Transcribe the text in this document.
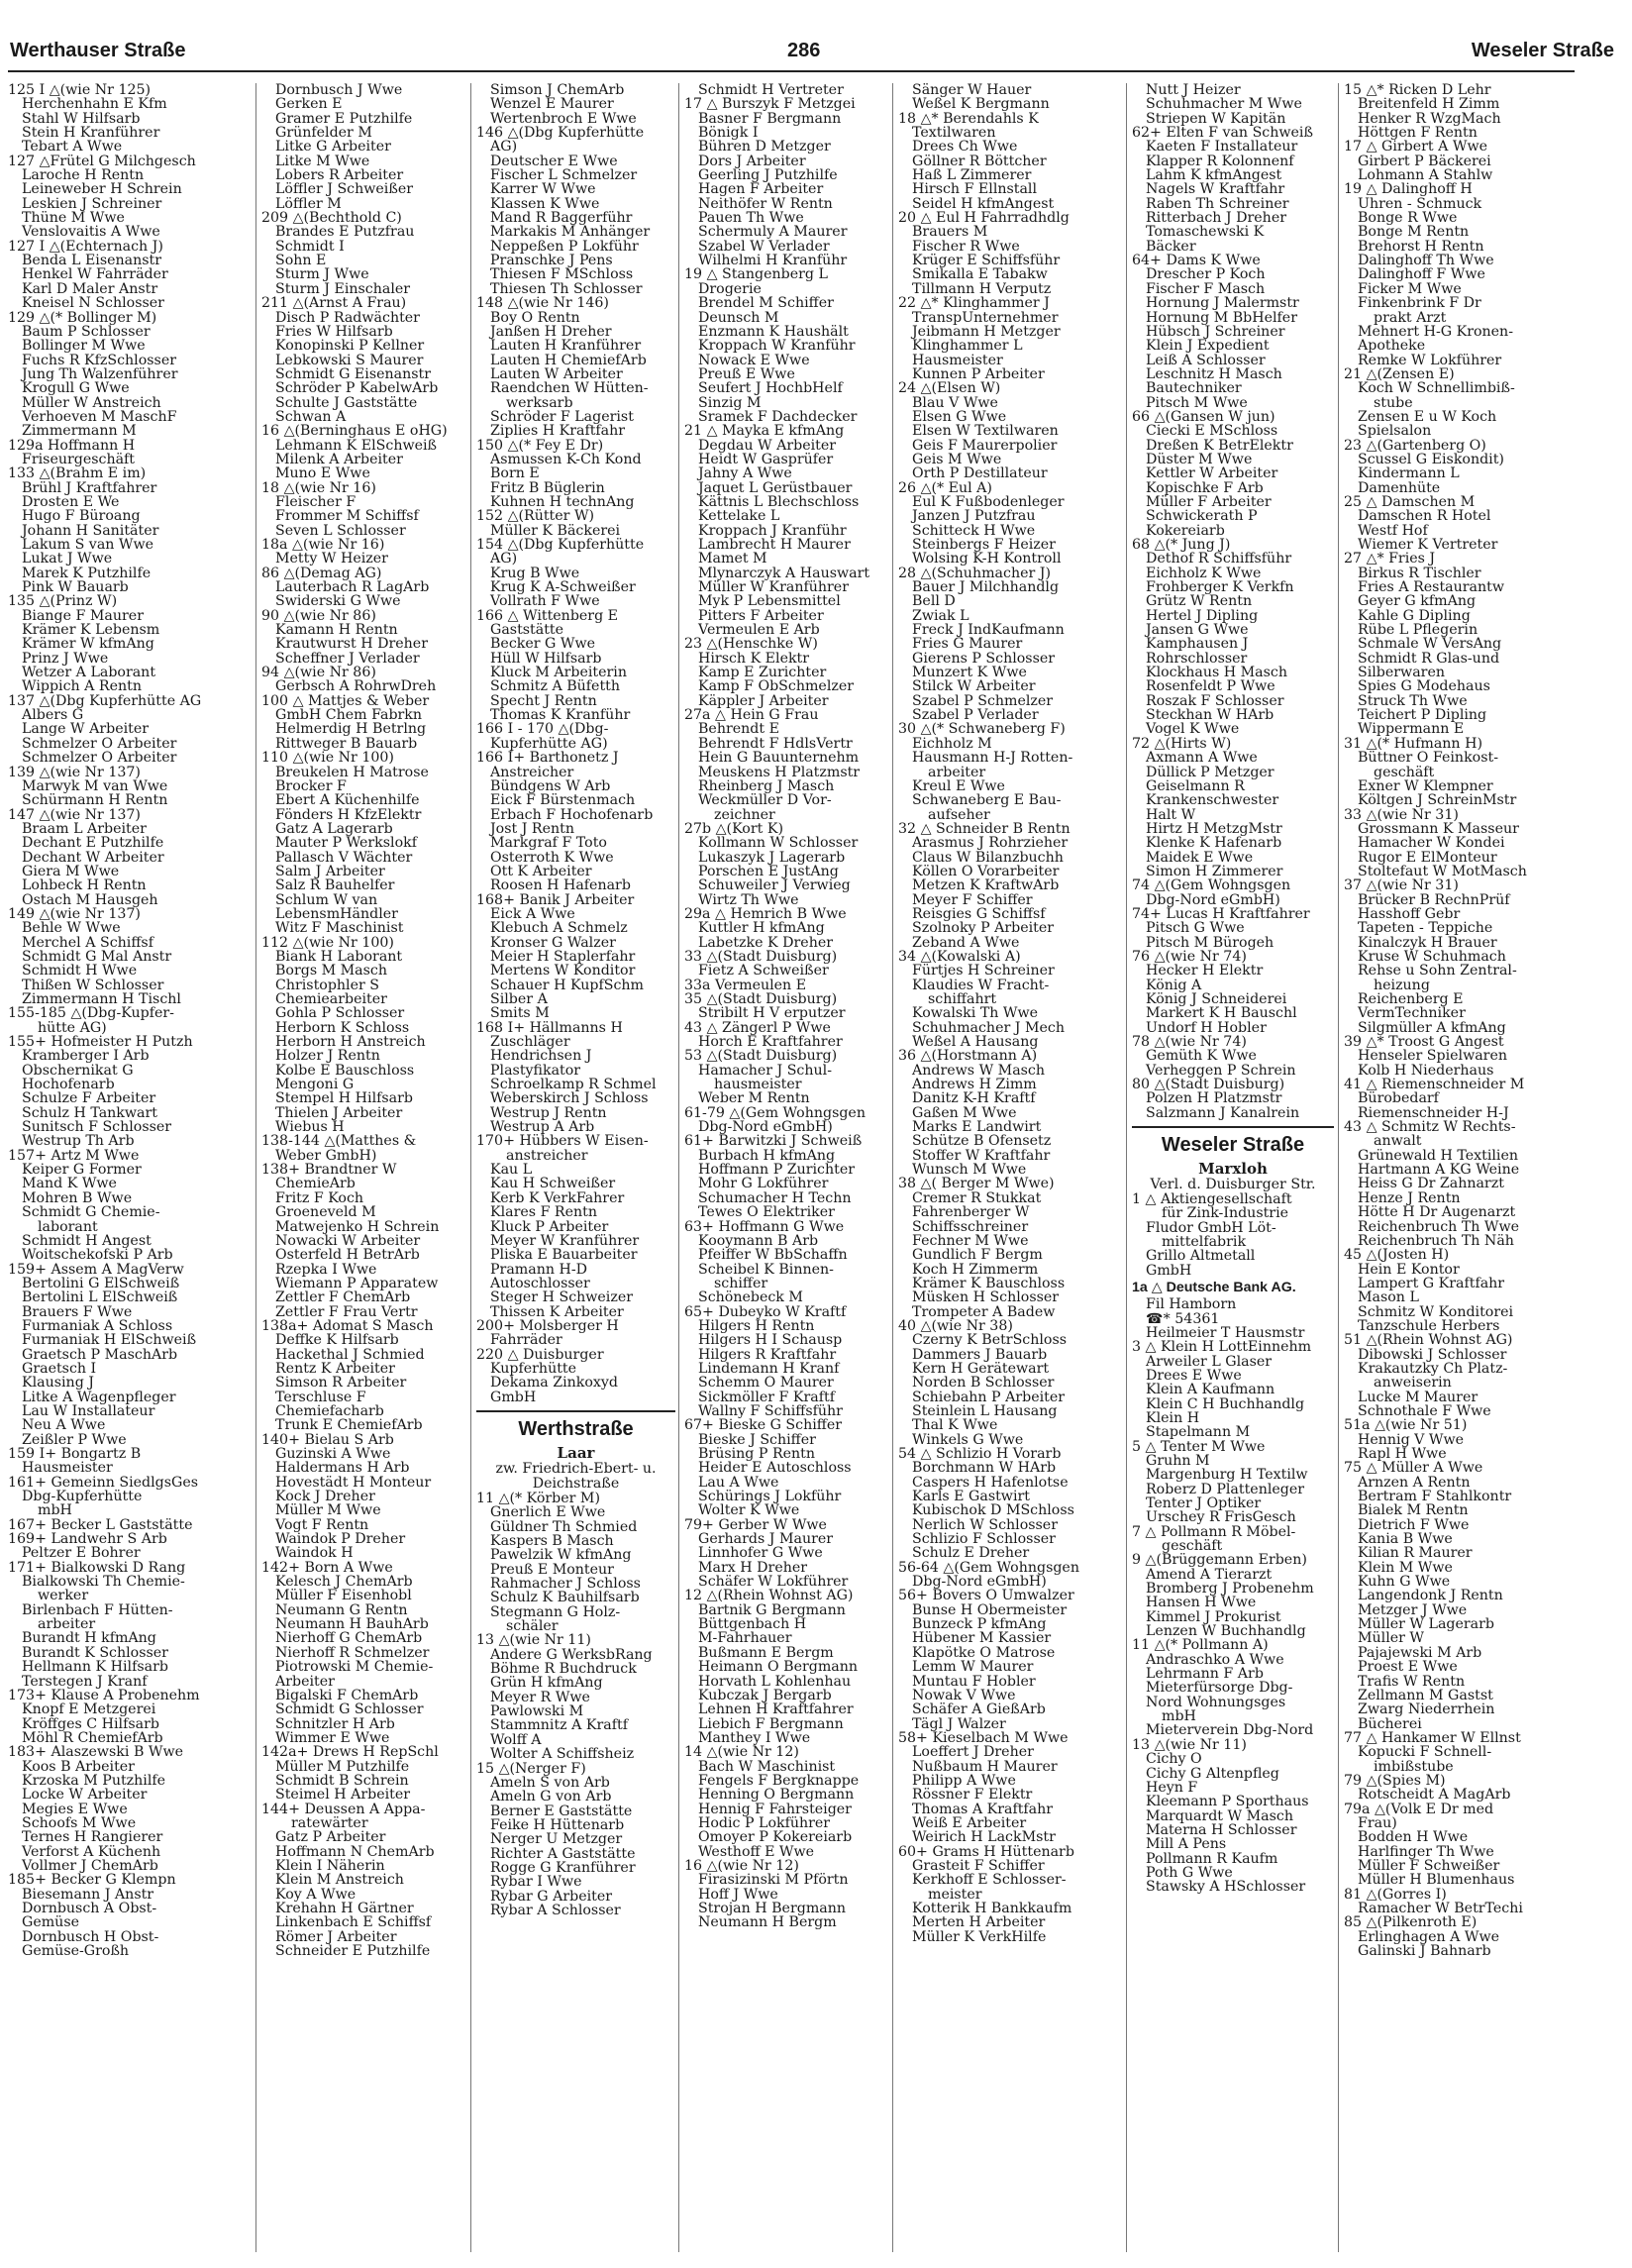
Werthauser Straße	286	Weseler Straße
125 I △(wie Nr 125)
Herchenhahn E Kfm
Stahl W Hilfsarb
Stein H Kranführer
Tebart A Wwe
127 △Frütel G Milchgesch
Laroche H Rentn
Leineweber H Schrein
Leskien J Schreiner
Thüne M Wwe
Venslovaitis A Wwe
127 I △(Echternach J)
Benda L Eisenanstr
Henkel W Fahrräder
Karl D Maler Anstr
Kneisel N Schlosser
129 △(* Bollinger M)
Baum P Schlosser
Bollinger M Wwe
Fuchs R KfzSchlosser
Jung Th Walzenführer
Krogull G Wwe
Müller W Anstreich
Verhoeven M MaschF
Zimmermann M
129a Hoffmann H
Friseurgeschäft
133 △(Brahm E im)
Brühl J Kraftfahrer
Drosten E We
Hugo F Büroang
Johann H Sanitäter
Lakum S van Wwe
Lukat J Wwe
Marek K Putzhilfe
Pink W Bauarb
135 △(Prinz W)
Biange F Maurer
Krämer K Lebensm
Krämer W kfmAng
Prinz J Wwe
Wetzer A Laborant
Wippich A Rentn
137 △(Dbg Kupferhütte AG
Albers G
Lange W Arbeiter
Schmelzer O Arbeiter
Schmelzer O Arbeiter
139 △(wie Nr 137)
Marwyk M van Wwe
Schürmann H Rentn
147 △(wie Nr 137)
Braam L Arbeiter
Dechant E Putzhilfe
Dechant W Arbeiter
Giera M Wwe
Lohbeck H Rentn
Ostach M Hausgeh
149 △(wie Nr 137)
Behle W Wwe
Merchel A Schiffsf
Schmidt G Mal Anstr
Schmidt H Wwe
Thißen W Schlosser
Zimmermann H Tischl
155-185 △(Dbg-Kupfer-
hütte AG)
155+ Hofmeister H Putzh
Kramberger I Arb
Obschernikat G
Hochofenarb
Schulze F Arbeiter
Schulz H Tankwart
Sunitsch F Schlosser
Westrup Th Arb
157+ Artz M Wwe
Keiper G Former
Mand K Wwe
Mohren B Wwe
Schmidt G Chemie-
laborant
Schmidt H Angest
Woitschekofski P Arb
159+ Assem A MagVerw
Bertolini G ElSchweiß
Bertolini L ElSchweiß
Brauers F Wwe
Furmaniak A Schloss
Furmaniak H ElSchweiß
Graetsch P MaschArb
Graetsch I
Klausing J
Litke A Wagenpfleger
Lau W Installateur
Neu A Wwe
Zeißler P Wwe
159 I+ Bongartz B
Hausmeister
161+ Gemeinn SiedlgsGes
Dbg-Kupferhütte
mbH
167+ Becker L Gaststätte
169+ Landwehr S Arb
Peltzer E Bohrer
171+ Bialkowski D Rang
Bialkowski Th Chemie-
werker
Birlenbach F Hütten-
arbeiter
Burandt H kfmAng
Burandt K Schlosser
Hellmann K Hilfsarb
Terstegen J Kranf
173+ Klause A Probenehm
Knopf E Metzgerei
Kröffges C Hilfsarb
Möhl R ChemiefArb
183+ Alaszewski B Wwe
Koos B Arbeiter
Krzoska M Putzhilfe
Locke W Arbeiter
Megies E Wwe
Schoofs M Wwe
Ternes H Rangierer
Verforst A Küchenh
Vollmer J ChemArb
185+ Becker G Klempn
Biesemann J Anstr
Dornbusch A Obst-
Gemüse
Dornbusch H Obst-
Gemüse-Großh
Dornbusch J Wwe
Gerken E
Gramer E Putzhilfe
Grünfelder M
Litke G Arbeiter
Litke M Wwe
Lobers R Arbeiter
Löffler J Schweißer
Löffler M
209 △(Bechthold C)
Brandes E Putzfrau
Schmidt I
Sohn E
Sturm J Wwe
Sturm J Einschaler
211 △(Arnst A Frau)
Disch P Radwächter
Fries W Hilfsarb
Konopinski P Kellner
Lebkowski S Maurer
Schmidt G Eisenanstr
Schröder P KabelwArb
Schulte J Gaststätte
Schwan A
16 △(Berninghaus E oHG)
Lehmann K ElSchweiß
Milenk A Arbeiter
Muno E Wwe
18 △(wie Nr 16)
Fleischer F
Frommer M Schiffsf
Seven L Schlosser
18a △(wie Nr 16)
Metty W Heizer
86 △(Demag AG)
Lauterbach R LagArb
Swiderski G Wwe
90 △(wie Nr 86)
Kamann H Rentn
Krautwurst H Dreher
Scheffner J Verlader
94 △(wie Nr 86)
Gerbsch A RohrwDreh
100 △ Mattjes & Weber
GmbH Chem Fabrkn
Helmerdig H Betrlng
Rittweger B Bauarb
110 △(wie Nr 100)
Breukelen H Matrose
Brocker F
Ebert A Küchenhilfe
Fönders H KfzElektr
Gatz A Lagerarb
Mauter P Werkslokf
Pallasch V Wächter
Salm J Arbeiter
Salz R Bauhelfer
Schlum W van
LebensmHändler
Witz F Maschinist
112 △(wie Nr 100)
Biank H Laborant
Borgs M Masch
Christophler S
Chemiearbeiter
Gohla P Schlosser
Herborn K Schloss
Herborn H Anstreich
Holzer J Rentn
Kolbe E Bauschloss
Mengoni G
Stempel H Hilfsarb
Thielen J Arbeiter
Wiebus H
138-144 △(Matthes &
Weber GmbH)
138+ Brandtner W
ChemieArb
Fritz F Koch
Groeneveld M
Matwejenko H Schrein
Nowacki W Arbeiter
Osterfeld H BetrArb
Rzepka I Wwe
Wiemann P Apparatew
Zettler F ChemArb
Zettler F Frau Vertr
138a+ Adomat S Masch
Deffke K Hilfsarb
Hackethal J Schmied
Rentz K Arbeiter
Simson R Arbeiter
Terschluse F
Chemiefacharb
Trunk E ChemiefArb
140+ Bielau S Arb
Guzinski A Wwe
Haldermans H Arb
Hovestädt H Monteur
Kock J Dreher
Müller M Wwe
Vogt F Rentn
Waindok P Dreher
Waindok H
142+ Born A Wwe
Kelesch J ChemArb
Müller F Eisenhobl
Neumann G Rentn
Neumann H BauhArb
Nierhoff G ChemArb
Nierhoff R Schmelzer
Piotrowski M Chemie-
Arbeiter
Bigalski F ChemArb
Schmidt G Schlosser
Schnitzler H Arb
Wimmer E Wwe
142a+ Drews H RepSchl
Müller M Putzhilfe
Schmidt B Schrein
Steimel H Arbeiter
144+ Deussen A Appa-
ratewärter
Gatz P Arbeiter
Hoffmann N ChemArb
Klein I Näherin
Klein M Anstreich
Koy A Wwe
Krehahn H Gärtner
Linkenbach E Schiffsf
Römer J Arbeiter
Schneider E Putzhilfe
Simson J ChemArb
Wenzel E Maurer
Wertenbroch E Wwe
146 △(Dbg Kupferhütte
AG)
Deutscher E Wwe
Fischer L Schmelzer
Karrer W Wwe
Klassen K Wwe
Mand R Baggerführ
Markakis M Anhänger
Neppeßen P Lokführ
Pranschke J Pens
Thiesen F MSchloss
Thiesen Th Schlosser
148 △(wie Nr 146)
Boy O Rentn
Janßen H Dreher
Lauten H Kranführer
Lauten H ChemiefArb
Lauten W Arbeiter
Raendchen W Hütten-
werksarb
Schröder F Lagerist
Ziplies H Kraftfahr
150 △(* Fey E Dr)
Asmussen K-Ch Kond
Born E
Fritz B Büglerin
Kuhnen H technAng
152 △(Rütter W)
Müller K Bäckerei
154 △(Dbg Kupferhütte
AG)
Krug B Wwe
Krug K A-Schweißer
Vollrath F Wwe
166 △ Wittenberg E
Gaststätte
Becker G Wwe
Hüll W Hilfsarb
Kluck M Arbeiterin
Schmitz A Büfetth
Specht J Rentn
Thomas K Kranführ
166 I - 170 △(Dbg-
Kupferhütte AG)
166 I+ Barthonetz J
Anstreicher
Bündgens W Arb
Eick F Bürstenmach
Erbach F Hochofenarb
Jost J Rentn
Markgraf F Toto
Osterroth K Wwe
Ott K Arbeiter
Roosen H Hafenarb
168+ Banik J Arbeiter
Eick A Wwe
Klebuch A Schmelz
Kronser G Walzer
Meier H Staplerfahr
Mertens W Konditor
Schauer H KupfSchm
Silber A
Smits M
168 I+ Hällmanns H
Zuschläger
Hendrichsen J
Plastyfikator
Schroelkamp R Schmel
Weberskirch J Schloss
Westrup J Rentn
Westrup A Arb
170+ Hübbers W Eisen-
anstreicher
Kau L
Kau H Schweißer
Kerb K VerkFahrer
Klares F Rentn
Kluck P Arbeiter
Meyer W Kranführer
Pliska E Bauarbeiter
Pramann H-D
Autoschlosser
Steger H Schweizer
Thissen K Arbeiter
200+ Molsberger H
Fahrräder
220 △ Duisburger
Kupferhütte
Dekama Zinkoxyd
GmbH
Werthstraße
Laar
zw. Friedrich-Ebert- u.
Deichstraße
11 △(* Körber M)
Gnerlich E Wwe
Güldner Th Schmied
Kaspers B Masch
Pawelzik W kfmAng
Preuß E Monteur
Rahmacher J Schloss
Schulz K Bauhilfsarb
Stegmann G Holz-
schäler
13 △(wie Nr 11)
Andere G WerksbRang
Böhme R Buchdruck
Grün H kfmAng
Meyer R Wwe
Pawlowski M
Stammnitz A Kraftf
Wolff A
Wolter A Schiffsheiz
15 △(Nerger F)
Ameln S von Arb
Ameln G von Arb
Berner E Gaststätte
Feike H Hüttenarb
Nerger U Metzger
Richter A Gaststätte
Rogge G Kranführer
Rybar I Wwe
Rybar G Arbeiter
Rybar A Schlosser
Schmidt H Vertreter
17 △ Burszyk F Metzgei
Basner F Bergmann
Bönigk I
Bühren D Metzger
Dors J Arbeiter
Geerling J Putzhilfe
Hagen F Arbeiter
Neithöfer W Rentn
Pauen Th Wwe
Schermuly A Maurer
Szabel W Verlader
Wilhelmi H Kranführ
19 △ Stangenberg L
Drogerie
Brendel M Schiffer
Deunsch M
Enzmann K Haushält
Kroppach W Kranführ
Nowack E Wwe
Preuß E Wwe
Seufert J HochbHelf
Sinzig M
Sramek F Dachdecker
21 △ Mayka E kfmAng
Degdau W Arbeiter
Heidt W Gasprüfer
Jahny A Wwe
Jaquet L Gerüstbauer
Kättnis L Blechschloss
Kettelake L
Kroppach J Kranführ
Lambrecht H Maurer
Mamet M
Mlynarczyk A Hauswart
Müller W Kranführer
Myk P Lebensmittel
Pitters F Arbeiter
Vermeulen E Arb
23 △(Henschke W)
Hirsch K Elektr
Kamp E Zurichter
Kamp F ObSchmelzer
Käppler J Arbeiter
27a △ Hein G Frau
Behrendt E
Behrendt F HdlsVertr
Hein G Bauunternehm
Meuskens H Platzmstr
Rheinberg J Masch
Weckmüller D Vor-
zeichner
27b △(Kort K)
Kollmann W Schlosser
Lukaszyk J Lagerarb
Porschen E JustAng
Schuweiler J Verwieg
Wirtz Th Wwe
29a △ Hemrich B Wwe
Kuttler H kfmAng
Labetzke K Dreher
33 △(Stadt Duisburg)
Fietz A Schweißer
33a Vermeulen E
35 △(Stadt Duisburg)
Stribilt H V erputzer
43 △ Zängerl P Wwe
Horch E Kraftfahrer
53 △(Stadt Duisburg)
Hamacher J Schul-
hausmeister
Weber M Rentn
61-79 △(Gem Wohngsgen
Dbg-Nord eGmbH)
61+ Barwitzki J Schweiß
Burbach H kfmAng
Hoffmann P Zurichter
Mohr G Lokführer
Schumacher H Techn
Tewes O Elektriker
63+ Hoffmann G Wwe
Kooymann B Arb
Pfeiffer W BbSchaffn
Scheibel K Binnen-
schiffer
Schönebeck M
65+ Dubeyko W Kraftf
Hilgers H Rentn
Hilgers H I Schausp
Hilgers R Kraftfahr
Lindemann H Kranf
Schemm O Maurer
Sickmöller F Kraftf
Wallny F Schiffsführ
67+ Bieske G Schiffer
Bieske J Schiffer
Brüsing P Rentn
Heider E Autoschloss
Lau A Wwe
Schürings J Lokführ
Wolter K Wwe
79+ Gerber W Wwe
Gerhards J Maurer
Linnhofer G Wwe
Marx H Dreher
Schäfer W Lokführer
12 △(Rhein Wohnst AG)
Bartnik G Bergmann
Büttgenbach H
M-Fahrhauer
Bußmann E Bergm
Heimann O Bergmann
Horvath L Kohlenhau
Kubczak J Bergarb
Lehnen H Kraftfahrer
Liebich F Bergmann
Manthey I Wwe
14 △(wie Nr 12)
Bach W Maschinist
Fengels F Bergknappe
Henning O Bergmann
Hennig F Fahrsteiger
Hodic P Lokführer
Omoyer P Kokereiarb
Westhoff E Wwe
16 △(wie Nr 12)
Firasizinski M Pförtn
Hoff J Wwe
Strojan H Bergmann
Neumann H Bergm
Sänger W Hauer
Weßel K Bergmann
18 △* Berendahls K
Textilwaren
Drees Ch Wwe
Göllner R Böttcher
Haß L Zimmerer
Hirsch F Ellnstall
Seidel H kfmAngest
20 △ Eul H Fahrradhdlg
Brauers M
Fischer R Wwe
Krüger E Schiffsführ
Smikalla E Tabakw
Tillmann H Verputz
22 △* Klinghammer J
TranspUnternehmer
Jeibmann H Metzger
Klinghammer L
Hausmeister
Kunnen P Arbeiter
24 △(Elsen W)
Blau V Wwe
Elsen G Wwe
Elsen W Textilwaren
Geis F Maurerpolier
Geis M Wwe
Orth P Destillateur
26 △(* Eul A)
Eul K Fußbodenleger
Janzen J Putzfrau
Schitteck H Wwe
Steinbergs F Heizer
Wolsing K-H Kontroll
28 △(Schuhmacher J)
Bauer J Milchhandlg
Bell D
Zwiak L
Freck J IndKaufmann
Fries G Maurer
Gierens P Schlosser
Munzert K Wwe
Stilck W Arbeiter
Szabel P Schmelzer
Szabel P Verlader
30 △(* Schwaneberg F)
Eichholz M
Hausmann H-J Rotten-
arbeiter
Kreul E Wwe
Schwaneberg E Bau-
aufseher
32 △ Schneider B Rentn
Arasmus J Rohrzieher
Claus W Bilanzbuchh
Köllen O Vorarbeiter
Metzen K KraftwArb
Meyer F Schiffer
Reisgies G Schiffsf
Szolnoky P Arbeiter
Zeband A Wwe
34 △(Kowalski A)
Fürtjes H Schreiner
Klaudies W Fracht-
schiffahrt
Kowalski Th Wwe
Schuhmacher J Mech
Weßel A Hausang
36 △(Horstmann A)
Andrews W Masch
Andrews H Zimm
Danitz K-H Kraftf
Gaßen M Wwe
Marks E Landwirt
Schütze B Ofensetz
Stoffer W Kraftfahr
Wunsch M Wwe
38 △( Berger M Wwe)
Cremer R Stukkat
Fahrenberger W
Schiffsschreiner
Fechner M Wwe
Gundlich F Bergm
Koch H Zimmerm
Krämer K Bauschloss
Müsken H Schlosser
Trompeter A Badew
40 △(wie Nr 38)
Czerny K BetrSchloss
Dammers J Bauarb
Kern H Gerätewart
Norden B Schlosser
Schiebahn P Arbeiter
Steinlein L Hausang
Thal K Wwe
Winkels G Wwe
54 △ Schlizio H Vorarb
Borchmann W HArb
Caspers H Hafenlotse
Karls E Gastwirt
Kubischok D MSchloss
Nerlich W Schlosser
Schlizio F Schlosser
Schulz E Dreher
56-64 △(Gem Wohngsgen
Dbg-Nord eGmbH)
56+ Bovers O Umwalzer
Bunse H Obermeister
Bunzeck P kfmAng
Hübener M Kassier
Klapötke O Matrose
Lemm W Maurer
Muntau F Hobler
Nowak V Wwe
Schäfer A GießArb
Tägl J Walzer
58+ Kieselbach M Wwe
Loeffert J Dreher
Nußbaum H Maurer
Philipp A Wwe
Rössner F Elektr
Thomas A Kraftfahr
Weiß E Arbeiter
Weirich H LackMstr
60+ Grams H Hüttenarb
Grasteit F Schiffer
Kerkhoff E Schlosser-
meister
Kotterik H Bankkaufm
Merten H Arbeiter
Müller K VerkHilfe
Nutt J Heizer
Schuhmacher M Wwe
Striepen W Kapitän
62+ Elten F van Schweiß
Kaeten F Installateur
Klapper R Kolonnenf
Lahm K kfmAngest
Nagels W Kraftfahr
Raben Th Schreiner
Ritterbach J Dreher
Tomaschewski K
Bäcker
64+ Dams K Wwe
Drescher P Koch
Fischer F Masch
Hornung J Malermstr
Hornung M BbHelfer
Hübsch J Schreiner
Klein J Expedient
Leiß A Schlosser
Leschnitz H Masch
Bautechniker
Pitsch M Wwe
66 △(Gansen W jun)
Ciecki E MSchloss
Dreßen K BetrElektr
Düster M Wwe
Kettler W Arbeiter
Kopischke F Arb
Müller F Arbeiter
Schwickerath P
Kokereiarb
68 △(* Jung J)
Dethof R Schiffsführ
Eichholz K Wwe
Frohberger K Verkfn
Grütz W Rentn
Hertel J Dipling
Jansen G Wwe
Kamphausen J
Rohrschlosser
Klockhaus H Masch
Rosenfeldt P Wwe
Roszak F Schlosser
Steckhan W HArb
Vogel K Wwe
72 △(Hirts W)
Axmann A Wwe
Düllick P Metzger
Geiselmann R
Krankenschwester
Halt W
Hirtz H MetzgMstr
Klenke K Hafenarb
Maidek E Wwe
Simon H Zimmerer
74 △(Gem Wohngsgen
Dbg-Nord eGmbH)
74+ Lucas H Kraftfahrer
Pitsch G Wwe
Pitsch M Bürogeh
76 △(wie Nr 74)
Hecker H Elektr
König A
König J Schneiderei
Markert K H Bauschl
Undorf H Hobler
78 △(wie Nr 74)
Gemüth K Wwe
Verheggen P Schrein
80 △(Stadt Duisburg)
Polzen H Platzmstr
Salzmann J Kanalrein
Weseler Straße
Marxloh
Verl. d. Duisburger Str.
1 △ Aktiengesellschaft
für Zink-Industrie
Fludor GmbH Löt-
mittelfabrik
Grillo Altmetall
GmbH
1a △ Deutsche Bank AG.
Fil Hamborn
☎* 54361
Heilmeier T Hausmstr
3 △ Klein H LottEinnehm
Arweiler L Glaser
Drees E Wwe
Klein A Kaufmann
Klein C H Buchhandlg
Klein H
Stapelmann M
5 △ Tenter M Wwe
Gruhn M
Margenburg H Textilw
Roberz D Plattenleger
Tenter J Optiker
Urschey R FrisGesch
7 △ Pollmann R Möbel-
geschäft
9 △(Brüggemann Erben)
Amend A Tierarzt
Bromberg J Probenehm
Hansen H Wwe
Kimmel J Prokurist
Lenzen W Buchhandlg
11 △(* Pollmann A)
Andraschko A Wwe
Lehrmann F Arb
Mieterfürsorge Dbg-
Nord Wohnungsges
mbH
Mieterverein Dbg-Nord
13 △(wie Nr 11)
Cichy O
Cichy G Altenpfleg
Heyn F
Kleemann P Sporthaus
Marquardt W Masch
Materna H Schlosser
Mill A Pens
Pollmann R Kaufm
Poth G Wwe
Stawsky A HSchlosser
15 △* Ricken D Lehr
Breitenfeld H Zimm
Henker R WzgMach
Höttgen F Rentn
17 △ Girbert A Wwe
Girbert P Bäckerei
Lohmann A Stahlw
19 △ Dalinghoff H
Uhren - Schmuck
Bonge R Wwe
Bonge M Rentn
Brehorst H Rentn
Dalinghoff Th Wwe
Dalinghoff F Wwe
Ficker M Wwe
Finkenbrink F Dr
prakt Arzt
Mehnert H-G Kronen-
Apotheke
Remke W Lokführer
21 △(Zensen E)
Koch W Schnellimbiß-
stube
Zensen E u W Koch
Spielsalon
23 △(Gartenberg O)
Scussel G Eiskondit)
Kindermann L
Damenhüte
25 △ Damschen M
Damschen R Hotel
Westf Hof
Wiemer K Vertreter
27 △* Fries J
Birkus R Tischler
Fries A Restaurantw
Geyer G kfmAng
Kahle G Dipling
Rübe L Pflegerin
Schmale W VersAng
Schmidt R Glas-und
Silberwaren
Spies G Modehaus
Struck Th Wwe
Teichert P Dipling
Wippermann E
31 △(* Hufmann H)
Büttner O Feinkost-
geschäft
Exner W Klempner
Költgen J SchreinMstr
33 △(wie Nr 31)
Grossmann K Masseur
Hamacher W Kondei
Rugor E ElMonteur
Stoltefaut W MotMasch
37 △(wie Nr 31)
Brücker B RechnPrüf
Hasshoff Gebr
Tapeten - Teppiche
Kinalczyk H Brauer
Kruse W Schuhmach
Rehse u Sohn Zentral-
heizung
Reichenberg E
VermTechniker
Silgmüller A kfmAng
39 △* Troost G Angest
Henseler Spielwaren
Kolb H Niederhaus
41 △ Riemenschneider M
Bürobedarf
Riemenschneider H-J
43 △ Schmitz W Rechts-
anwalt
Grünewald H Textilien
Hartmann A KG Weine
Heiss G Dr Zahnarzt
Henze J Rentn
Hötte H Dr Augenarzt
Reichenbruch Th Wwe
Reichenbruch Th Näh
45 △(Josten H)
Hein E Kontor
Lampert G Kraftfahr
Mason L
Schmitz W Konditorei
Tanzschule Herbers
51 △(Rhein Wohnst AG)
Dibowski J Schlosser
Krakautzky Ch Platz-
anweiserin
Lucke M Maurer
Schnothale F Wwe
51a △(wie Nr 51)
Hennig V Wwe
Rapl H Wwe
75 △ Müller A Wwe
Arnzen A Rentn
Bertram F Stahlkontr
Bialek M Rentn
Dietrich F Wwe
Kania B Wwe
Kilian R Maurer
Klein M Wwe
Kuhn G Wwe
Langendonk J Rentn
Metzger J Wwe
Müller W Lagerarb
Müller W
Pajajewski M Arb
Proest E Wwe
Trafis W Rentn
Zellmann M Gastst
Zwarg Niederrhein
Bücherei
77 △ Hankamer W Ellnst
Kopucki F Schnell-
imbißstube
79 △(Spies M)
Rotscheidt A MagArb
79a △(Volk E Dr med
Frau)
Bodden H Wwe
Harlfinger Th Wwe
Müller F Schweißer
Müller H Blumenhaus
81 △(Gorres I)
Ramacher W BetrTechi
85 △(Pilkenroth E)
Erlinghagen A Wwe
Galinski J Bahnarb
